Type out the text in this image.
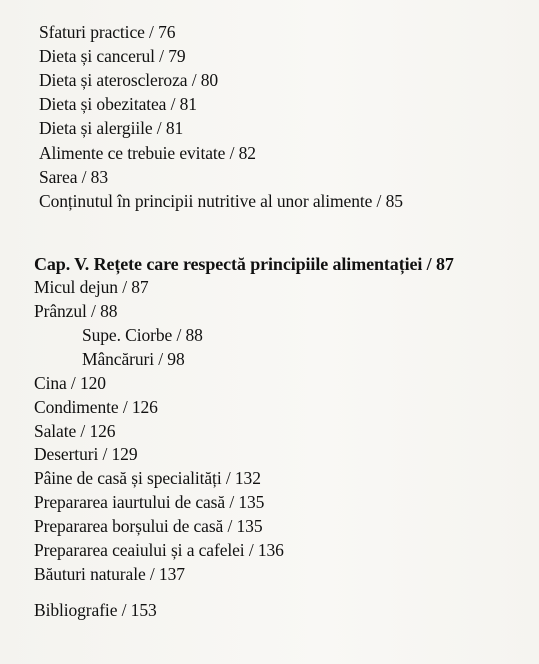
Sfaturi practice / 76
Dieta și cancerul / 79
Dieta și ateroscleroza / 80
Dieta și obezitatea / 81
Dieta și alergiile / 81
Alimente ce trebuie evitate / 82
Sarea / 83
Conținutul în principii nutritive al unor alimente / 85
Cap. V. Rețete care respectă principiile alimentației / 87
Micul dejun / 87
Prânzul / 88
Supe. Ciorbe / 88
Mâncăruri / 98
Cina / 120
Condimente / 126
Salate / 126
Deserturi / 129
Pâine de casă și specialități / 132
Prepararea iaurtului de casă / 135
Prepararea borșului de casă / 135
Prepararea ceaiului și a cafelei / 136
Băuturi naturale / 137
Bibliografie / 153
